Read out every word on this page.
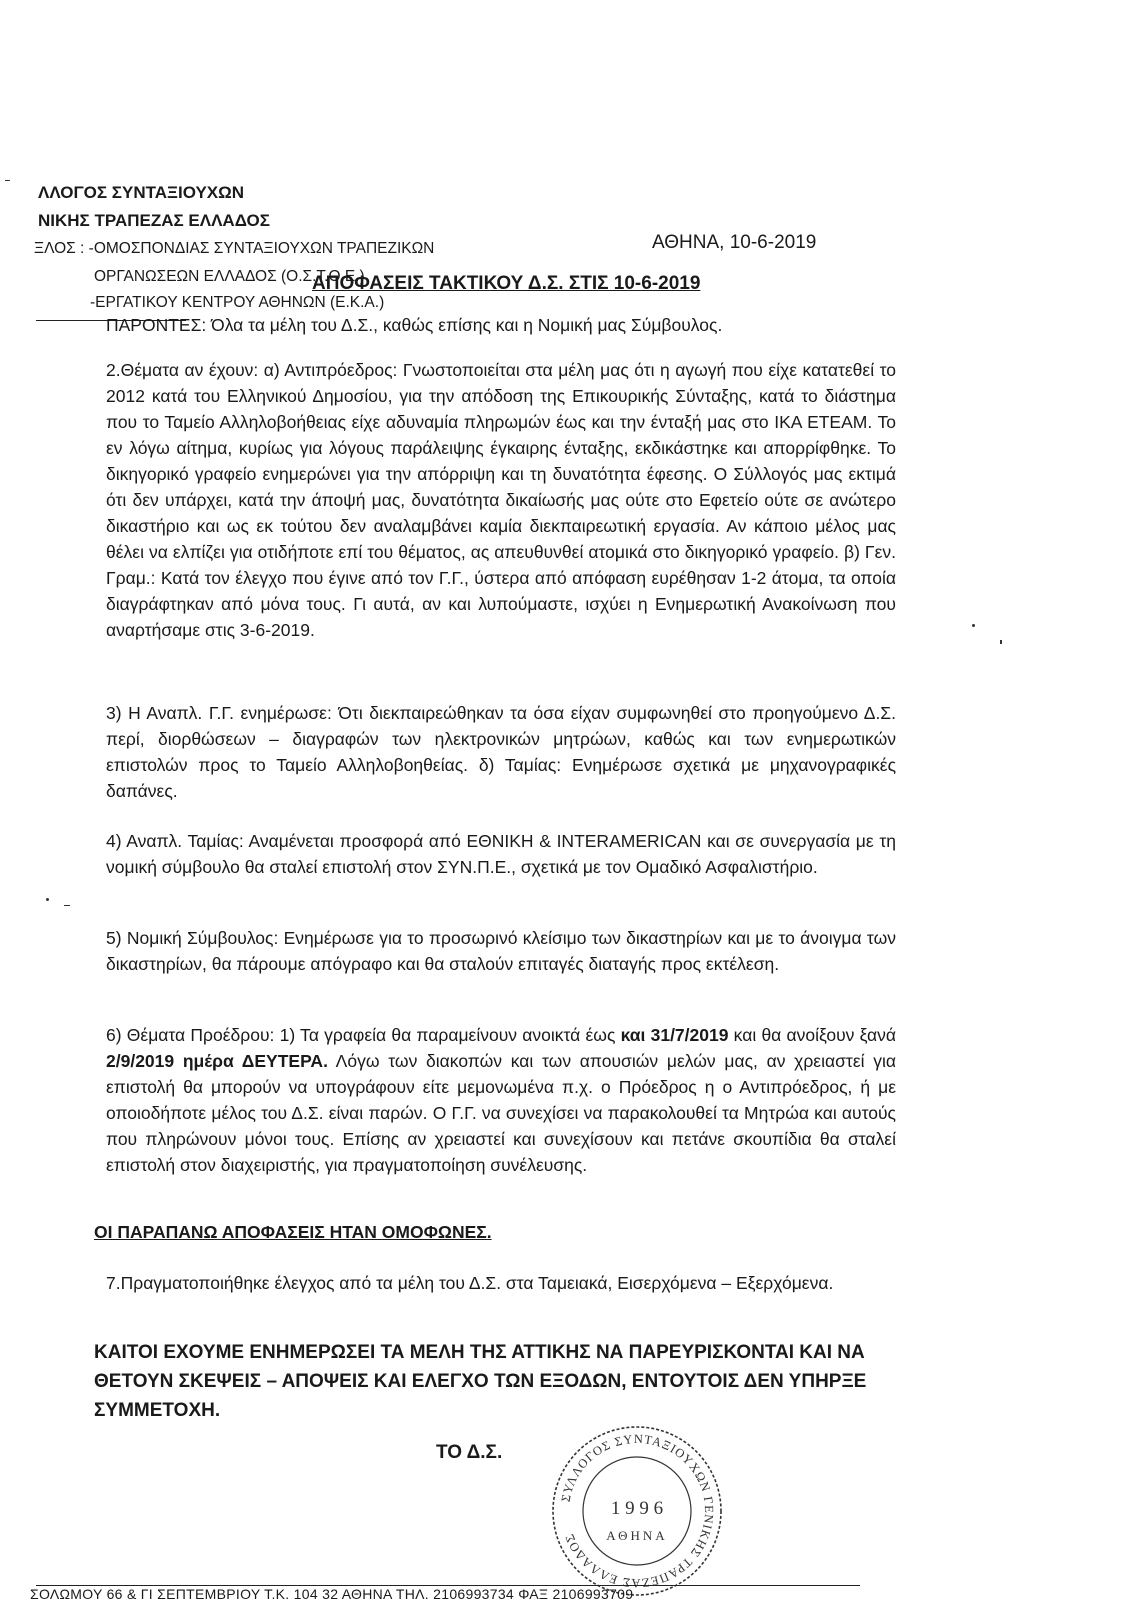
ΛΛΟΓΟΣ ΣΥΝΤΑΞΙΟΥΧΩΝ
ΝΙΚΗΣ ΤΡΑΠΕΖΑΣ ΕΛΛΑΔΟΣ
ΞΛΟΣ : -ΟΜΟΣΠΟΝΔΙΑΣ ΣΥΝΤΑΞΙΟΥΧΩΝ ΤΡΑΠΕΖΙΚΩΝ
ΟΡΓΑΝΩΣΕΩΝ ΕΛΛΑΔΟΣ (Ο.Σ.Τ.Ο.Ε.)
-ΕΡΓΑΤΙΚΟΥ ΚΕΝΤΡΟΥ ΑΘΗΝΩΝ (Ε.Κ.Α.)
ΑΘΗΝΑ, 10-6-2019
ΑΠΟΦΑΣΕΙΣ ΤΑΚΤΙΚΟΥ Δ.Σ. ΣΤΙΣ 10-6-2019
ΠΑΡΟΝΤΕΣ: Όλα τα μέλη του Δ.Σ., καθώς επίσης και η Νομική μας Σύμβουλος.

2.Θέματα αν έχουν: α) Αντιπρόεδρος: Γνωστοποιείται στα μέλη μας ότι η αγωγή που είχε κατατεθεί το 2012 κατά του Ελληνικού Δημοσίου, για την απόδοση της Επικουρικής Σύνταξης, κατά το διάστημα που το Ταμείο Αλληλοβοήθειας είχε αδυναμία πληρωμών έως και την ένταξή μας στο ΙΚΑ ΕΤΕΑΜ. Το εν λόγω αίτημα, κυρίως για λόγους παράλειψης έγκαιρης ένταξης, εκδικάστηκε και απορρίφθηκε. Το δικηγορικό γραφείο ενημερώνει για την απόρριψη και τη δυνατότητα έφεσης. Ο Σύλλογός μας εκτιμά ότι δεν υπάρχει, κατά την άποψή μας, δυνατότητα δικαίωσής μας ούτε στο Εφετείο ούτε σε ανώτερο δικαστήριο και ως εκ τούτου δεν αναλαμβάνει καμία διεκπαιρεωτική εργασία. Αν κάποιο μέλος μας θέλει να ελπίζει για οτιδήποτε επί του θέματος, ας απευθυνθεί ατομικά στο δικηγορικό γραφείο. β) Γεν. Γραμ.: Κατά τον έλεγχο που έγινε από τον Γ.Γ., ύστερα από απόφαση ευρέθησαν 1-2 άτομα, τα οποία διαγράφτηκαν από μόνα τους. Γι αυτά, αν και λυπούμαστε, ισχύει η Ενημερωτική Ανακοίνωση που αναρτήσαμε στις 3-6-2019.

3) Η Αναπλ. Γ.Γ. ενημέρωσε: Ότι διεκπαιρεώθηκαν τα όσα είχαν συμφωνηθεί στο προηγούμενο Δ.Σ. περί, διορθώσεων – διαγραφών των ηλεκτρονικών μητρώων, καθώς και των ενημερωτικών επιστολών προς το Ταμείο Αλληλοβοηθείας. δ) Ταμίας: Ενημέρωσε σχετικά με μηχανογραφικές δαπάνες.

4) Αναπλ. Ταμίας: Αναμένεται προσφορά από ΕΘΝΙΚΗ & INTERAMERICAN και σε συνεργασία με τη νομική σύμβουλο θα σταλεί επιστολή στον ΣΥΝ.Π.Ε., σχετικά με τον Ομαδικό Ασφαλιστήριο.

5) Νομική Σύμβουλος: Ενημέρωσε για το προσωρινό κλείσιμο των δικαστηρίων και με το άνοιγμα των δικαστηρίων, θα πάρουμε απόγραφο και θα σταλούν επιταγές διαταγής προς εκτέλεση.

6) Θέματα Προέδρου: 1) Τα γραφεία θα παραμείνουν ανοικτά έως και 31/7/2019 και θα ανοίξουν ξανά 2/9/2019 ημέρα ΔΕΥΤΕΡΑ. Λόγω των διακοπών και των απουσιών μελών μας, αν χρειαστεί για επιστολή θα μπορούν να υπογράφουν είτε μεμονωμένα π.χ. ο Πρόεδρος η ο Αντιπρόεδρος, ή με οποιοδήποτε μέλος του Δ.Σ. είναι παρών. Ο Γ.Γ. να συνεχίσει να παρακολουθεί τα Μητρώα και αυτούς που πληρώνουν μόνοι τους. Επίσης αν χρειαστεί και συνεχίσουν και πετάνε σκουπίδια θα σταλεί επιστολή στον διαχειριστής, για πραγματοποίηση συνέλευσης.

ΟΙ ΠΑΡΑΠΑΝΩ ΑΠΟΦΑΣΕΙΣ ΗΤΑΝ ΟΜΟΦΩΝΕΣ.

7.Πραγματοποιήθηκε έλεγχος από τα μέλη του Δ.Σ. στα Ταμειακά, Εισερχόμενα – Εξερχόμενα.

ΚΑΙΤΟΙ ΕΧΟΥΜΕ ΕΝΗΜΕΡΩΣΕΙ ΤΑ ΜΕΛΗ ΤΗΣ ΑΤΤΙΚΗΣ ΝΑ ΠΑΡΕΥΡΙΣΚΟΝΤΑΙ ΚΑΙ ΝΑ ΘΕΤΟΥΝ ΣΚΕΨΕΙΣ – ΑΠΟΨΕΙΣ ΚΑΙ ΕΛΕΓΧΟ ΤΩΝ ΕΞΟΔΩΝ, ΕΝΤΟΥΤΟΙΣ ΔΕΝ ΥΠΗΡΞΕ ΣΥΜΜΕΤΟΧΗ.
ΤΟ Δ.Σ.
ΣΥΛΛΟΓΟΣ ΣΥΝΤΑΞΙΟΥΧΩΝ ΓΕΝΙΚΗΣ ΤΡΑΠΕΖΑΣ ΕΛΛΑΔΟΣ
1 9 9 6
ΑΘΗΝΑ
ΣΟΛΩΜΟΥ 66 & ΓΙ ΣΕΠΤΕΜΒΡΙΟΥ Τ.Κ. 104 32 ΑΘΗΝΑ ΤΗΛ. 2106993734 ΦΑΞ 2106993709
